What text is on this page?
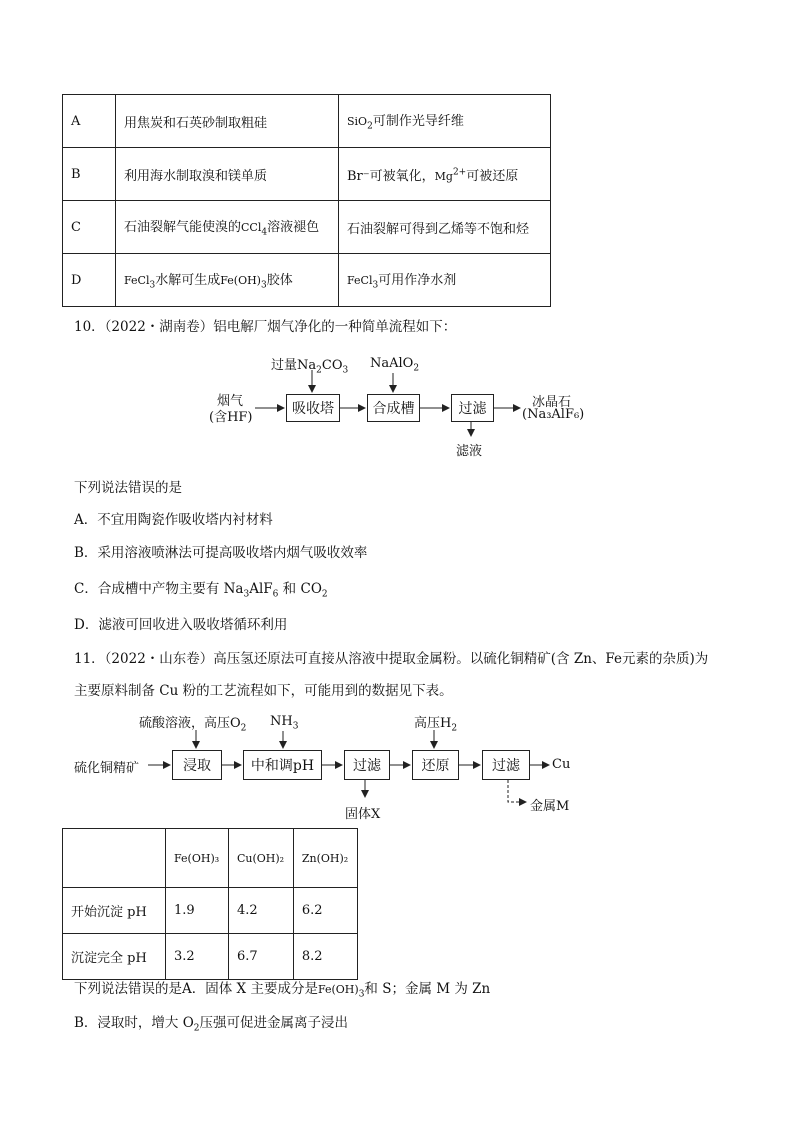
A	用焦炭和石英砂制取粗硅	SiO$_2$可制作光导纤维
B	利用海水制取溴和镁单质	Br⁻可被氧化，$Mg^{2+}$可被还原
C	石油裂解气能使溴的CCl$_4$溶液褪色	石油裂解可得到乙烯等不饱和烃
D	FeCl$_3$水解可生成$Fe(OH)_3$胶体	FeCl$_3$可用作净水剂

10．（2022・湖南卷）铝电解厂烟气净化的一种简单流程如下：

烟气
(含HF)
过量$Na_2CO_3$ NaAlO$_2$
吸收塔	合成槽	过滤
滤液
冰晶石
(Na₃AlF₆)

下列说法错误的是

A．不宜用陶瓷作吸收塔内衬材料

B．采用溶液喷淋法可提高吸收塔内烟气吸收效率

C．合成槽中产物主要有 $Na_3AlF_6$ 和 $CO_2$

D．滤液可回收进入吸收塔循环利用

11．（2022・山东卷）高压氢还原法可直接从溶液中提取金属粉。以硫化铜精矿(含 Zn、Fe元素的杂质)为

主要原料制备 Cu 粉的工艺流程如下，可能用到的数据见下表。

硫酸溶液，高压$O_2$ $NH_3$	高压$H_2$
硫化铜精矿	浸取	中和调pH	过滤	还原	过滤	Cu
固体X
金属M
	Fe(OH)₃	Cu(OH)₂	Zn(OH)₂
开始沉淀 pH	1.9	4.2	6.2
沉淀完全 pH	3.2	6.7	8.2

下列说法错误的是A．固体 X 主要成分是$Fe(OH)_3$和 S；金属 M 为 Zn

B．浸取时，增大 $O_2$压强可促进金属离子浸出
